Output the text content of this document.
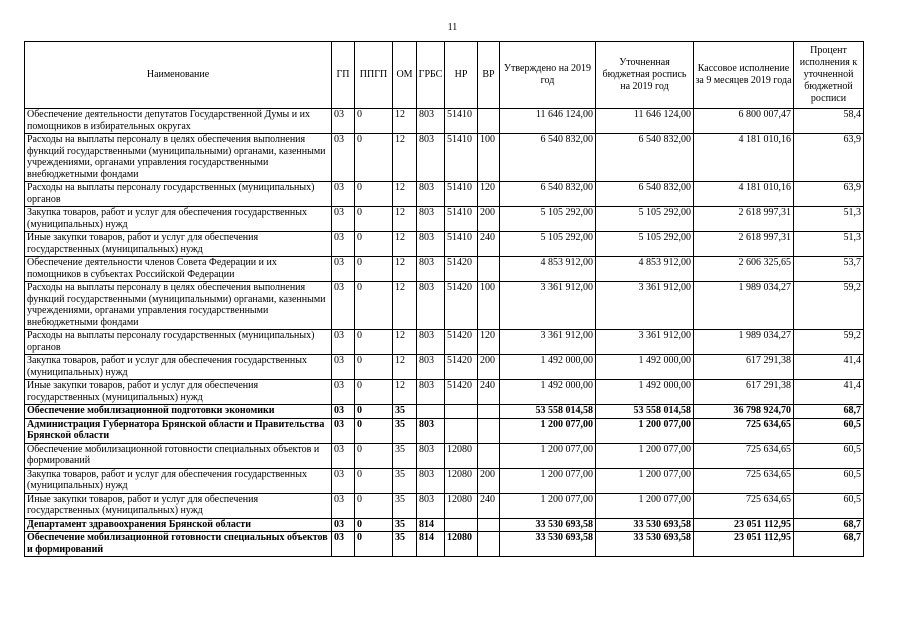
11
Наименование	ГП	ППГП	ОМ	ГРБС	НР	ВР	Утверждено на 2019 год	Уточненная бюджетная роспись на 2019 год	Кассовое исполнение за 9 месяцев 2019 года	Процент исполнения к уточненной бюджетной росписи
Обеспечение деятельности депутатов Государственной Думы и их помощников в избирательных округах	03	0	12	803	51410		11 646 124,00	11 646 124,00	6 800 007,47	58,4
Расходы на выплаты персоналу в целях обеспечения выполнения функций государственными (муниципальными) органами, казенными учреждениями, органами управления государственными внебюджетными фондами	03	0	12	803	51410	100	6 540 832,00	6 540 832,00	4 181 010,16	63,9
Расходы на выплаты персоналу государственных (муниципальных) органов	03	0	12	803	51410	120	6 540 832,00	6 540 832,00	4 181 010,16	63,9
Закупка товаров, работ и услуг для обеспечения государственных (муниципальных) нужд	03	0	12	803	51410	200	5 105 292,00	5 105 292,00	2 618 997,31	51,3
Иные закупки товаров, работ и услуг для обеспечения государственных (муниципальных) нужд	03	0	12	803	51410	240	5 105 292,00	5 105 292,00	2 618 997,31	51,3
Обеспечение деятельности членов Совета Федерации и их помощников в субъектах Российской Федерации	03	0	12	803	51420		4 853 912,00	4 853 912,00	2 606 325,65	53,7
Расходы на выплаты персоналу в целях обеспечения выполнения функций государственными (муниципальными) органами, казенными учреждениями, органами управления государственными внебюджетными фондами	03	0	12	803	51420	100	3 361 912,00	3 361 912,00	1 989 034,27	59,2
Расходы на выплаты персоналу государственных (муниципальных) органов	03	0	12	803	51420	120	3 361 912,00	3 361 912,00	1 989 034,27	59,2
Закупка товаров, работ и услуг для обеспечения государственных (муниципальных) нужд	03	0	12	803	51420	200	1 492 000,00	1 492 000,00	617 291,38	41,4
Иные закупки товаров, работ и услуг для обеспечения государственных (муниципальных) нужд	03	0	12	803	51420	240	1 492 000,00	1 492 000,00	617 291,38	41,4
Обеспечение мобилизационной подготовки экономики	03	0	35				53 558 014,58	53 558 014,58	36 798 924,70	68,7
Администрация Губернатора Брянской области и Правительства Брянской области	03	0	35	803			1 200 077,00	1 200 077,00	725 634,65	60,5
Обеспечение мобилизационной готовности специальных объектов и формирований	03	0	35	803	12080		1 200 077,00	1 200 077,00	725 634,65	60,5
Закупка товаров, работ и услуг для обеспечения государственных (муниципальных) нужд	03	0	35	803	12080	200	1 200 077,00	1 200 077,00	725 634,65	60,5
Иные закупки товаров, работ и услуг для обеспечения государственных (муниципальных) нужд	03	0	35	803	12080	240	1 200 077,00	1 200 077,00	725 634,65	60,5
Департамент здравоохранения Брянской области	03	0	35	814			33 530 693,58	33 530 693,58	23 051 112,95	68,7
Обеспечение мобилизационной готовности специальных объектов и формирований	03	0	35	814	12080		33 530 693,58	33 530 693,58	23 051 112,95	68,7
